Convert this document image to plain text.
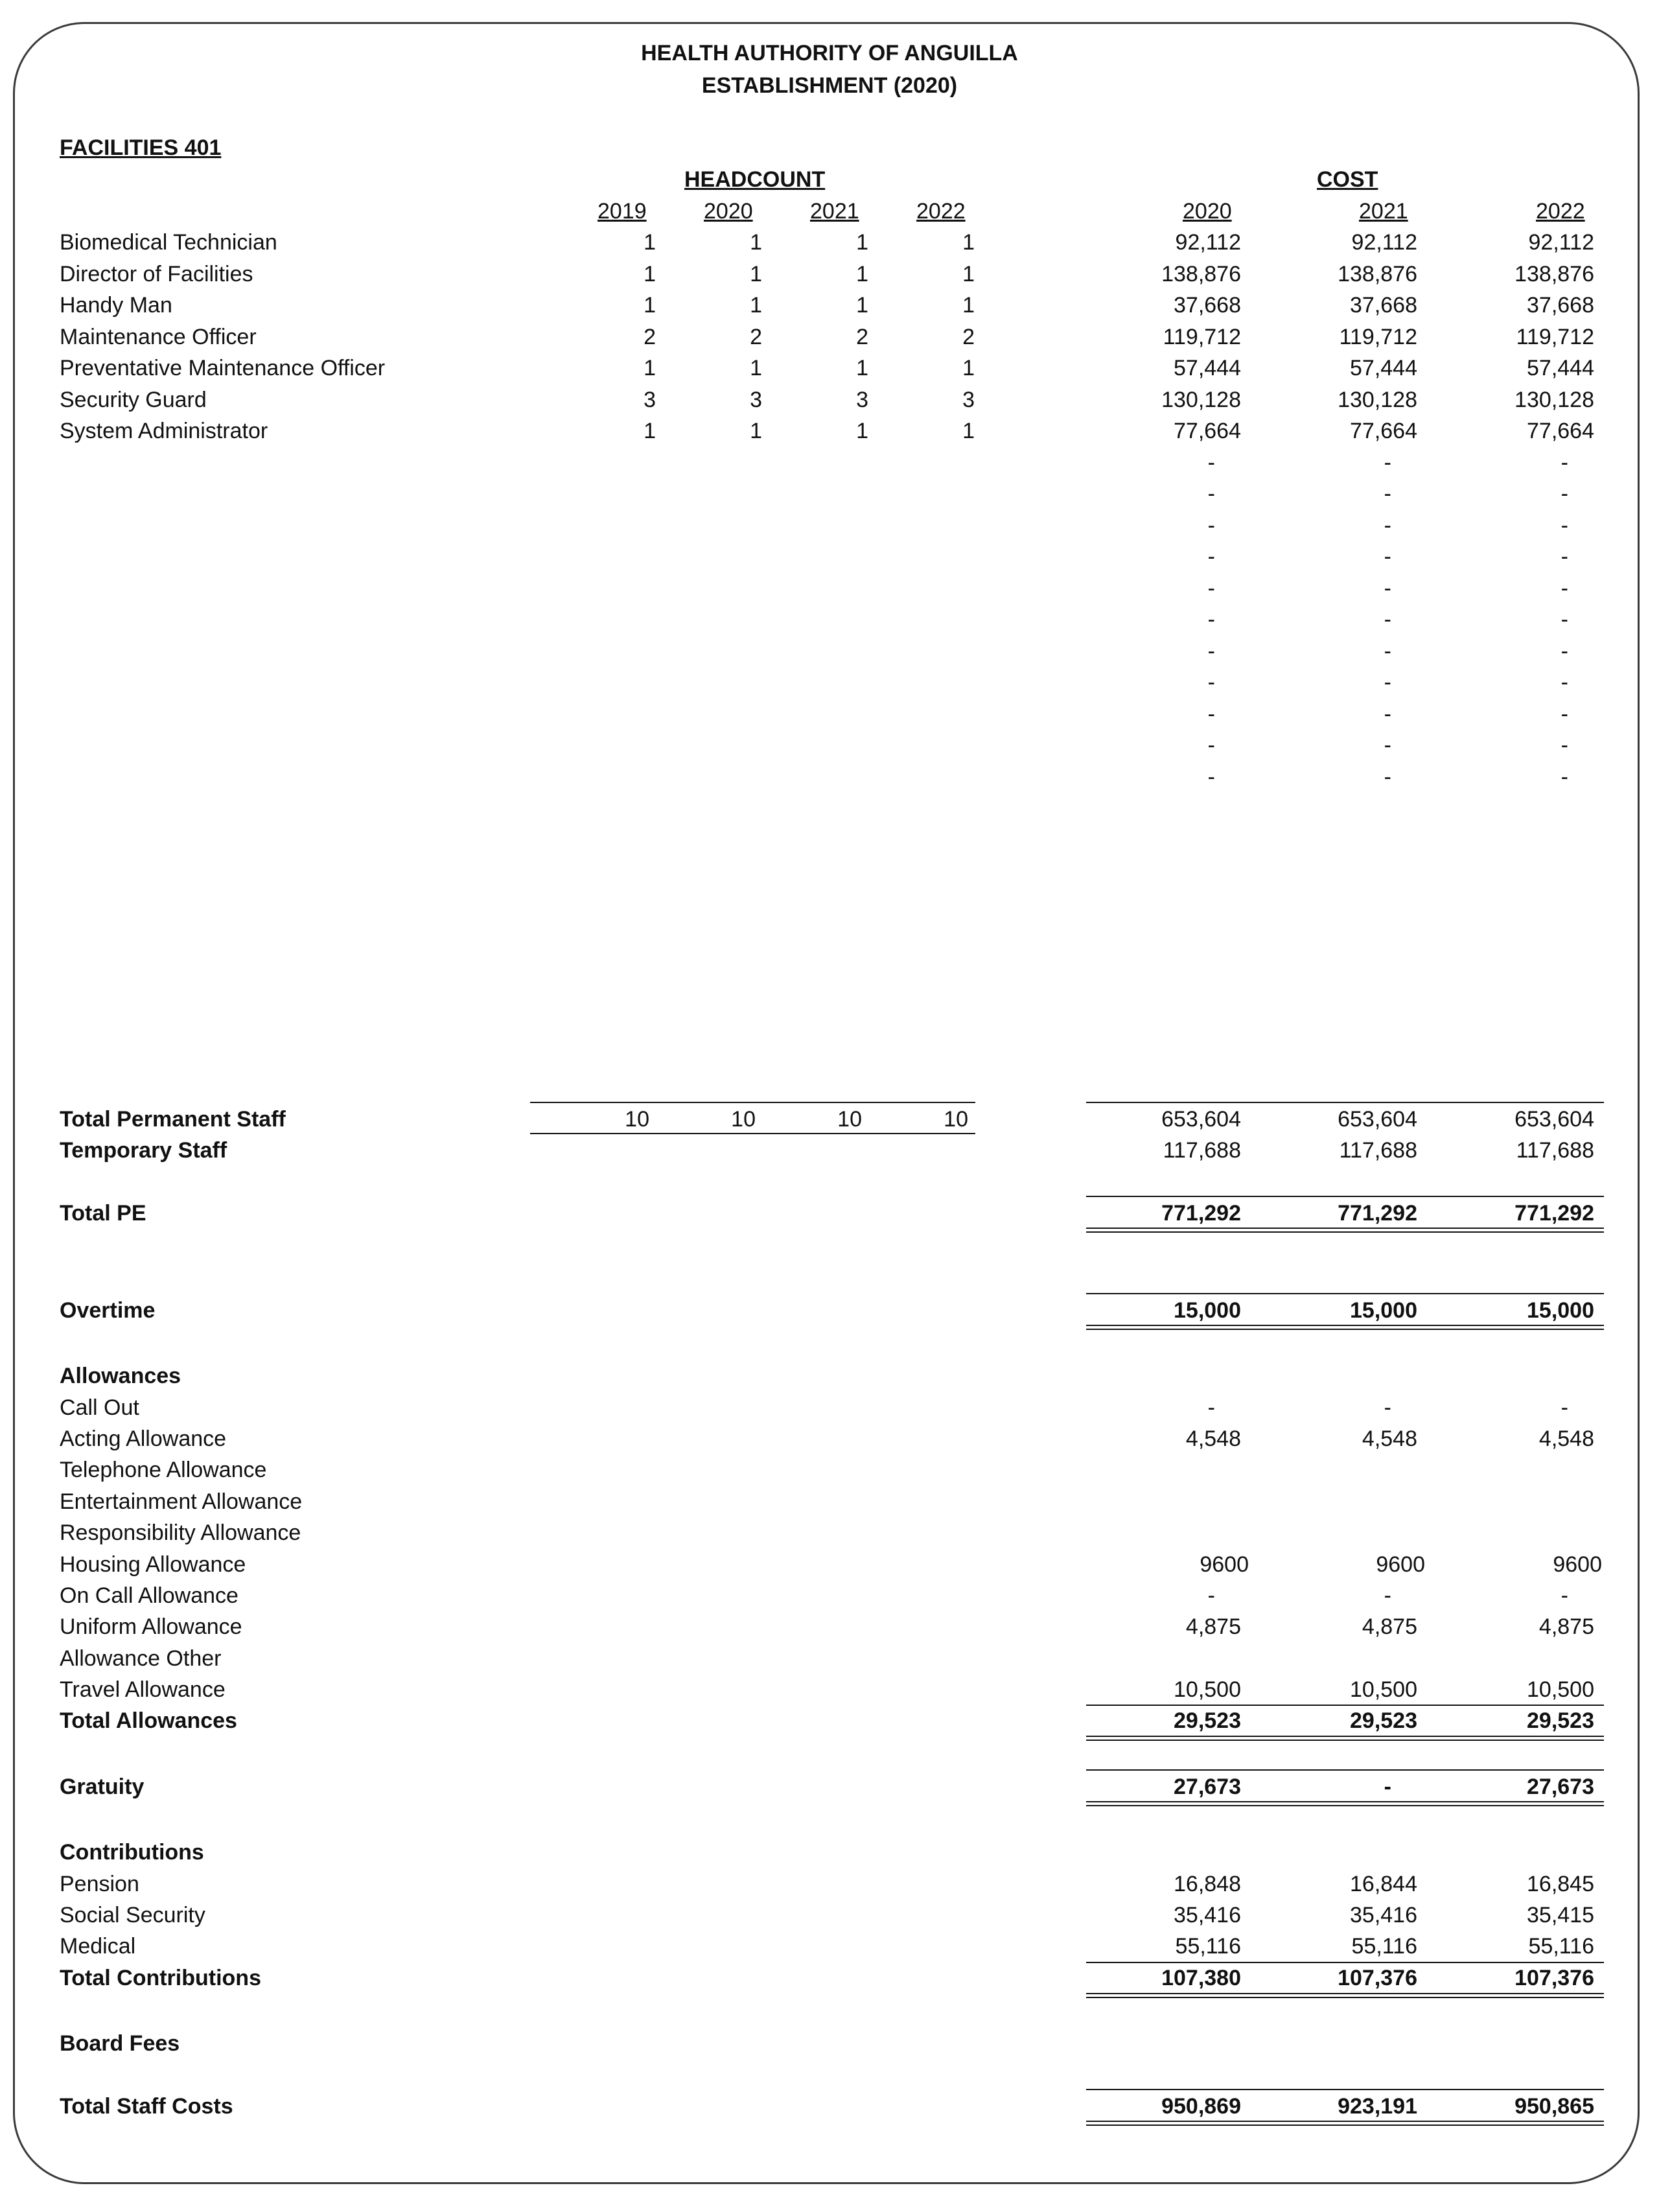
HEALTH AUTHORITY OF ANGUILLA
ESTABLISHMENT (2020)
FACILITIES 401
HEADCOUNT	COST
2019	2020	2021	2022	2020	2021	2022
Biomedical Technician	1	1	1	1	92,112	92,112	92,112
Director of Facilities	1	1	1	1	138,876	138,876	138,876
Handy Man	1	1	1	1	37,668	37,668	37,668
Maintenance Officer	2	2	2	2	119,712	119,712	119,712
Preventative Maintenance Officer	1	1	1	1	57,444	57,444	57,444
Security Guard	3	3	3	3	130,128	130,128	130,128
System Administrator	1	1	1	1	77,664	77,664	77,664
-	-	-
-	-	-
-	-	-
-	-	-
-	-	-
-	-	-
-	-	-
-	-	-
-	-	-
-	-	-
-	-	-
Total Permanent Staff	10	10	10	10	653,604	653,604	653,604
Temporary Staff	117,688	117,688	117,688
Total PE	771,292	771,292	771,292
Overtime	15,000	15,000	15,000
Allowances
Call Out	-	-	-
Acting Allowance	4,548	4,548	4,548
Telephone Allowance
Entertainment Allowance
Responsibility Allowance
Housing Allowance	9600	9600	9600
On Call Allowance	-	-	-
Uniform Allowance	4,875	4,875	4,875
Allowance Other
Travel Allowance	10,500	10,500	10,500
Total Allowances	29,523	29,523	29,523
Gratuity	27,673	-	27,673
Contributions
Pension	16,848	16,844	16,845
Social Security	35,416	35,416	35,415
Medical	55,116	55,116	55,116
Total Contributions	107,380	107,376	107,376
Board Fees
Total Staff Costs	950,869	923,191	950,865
